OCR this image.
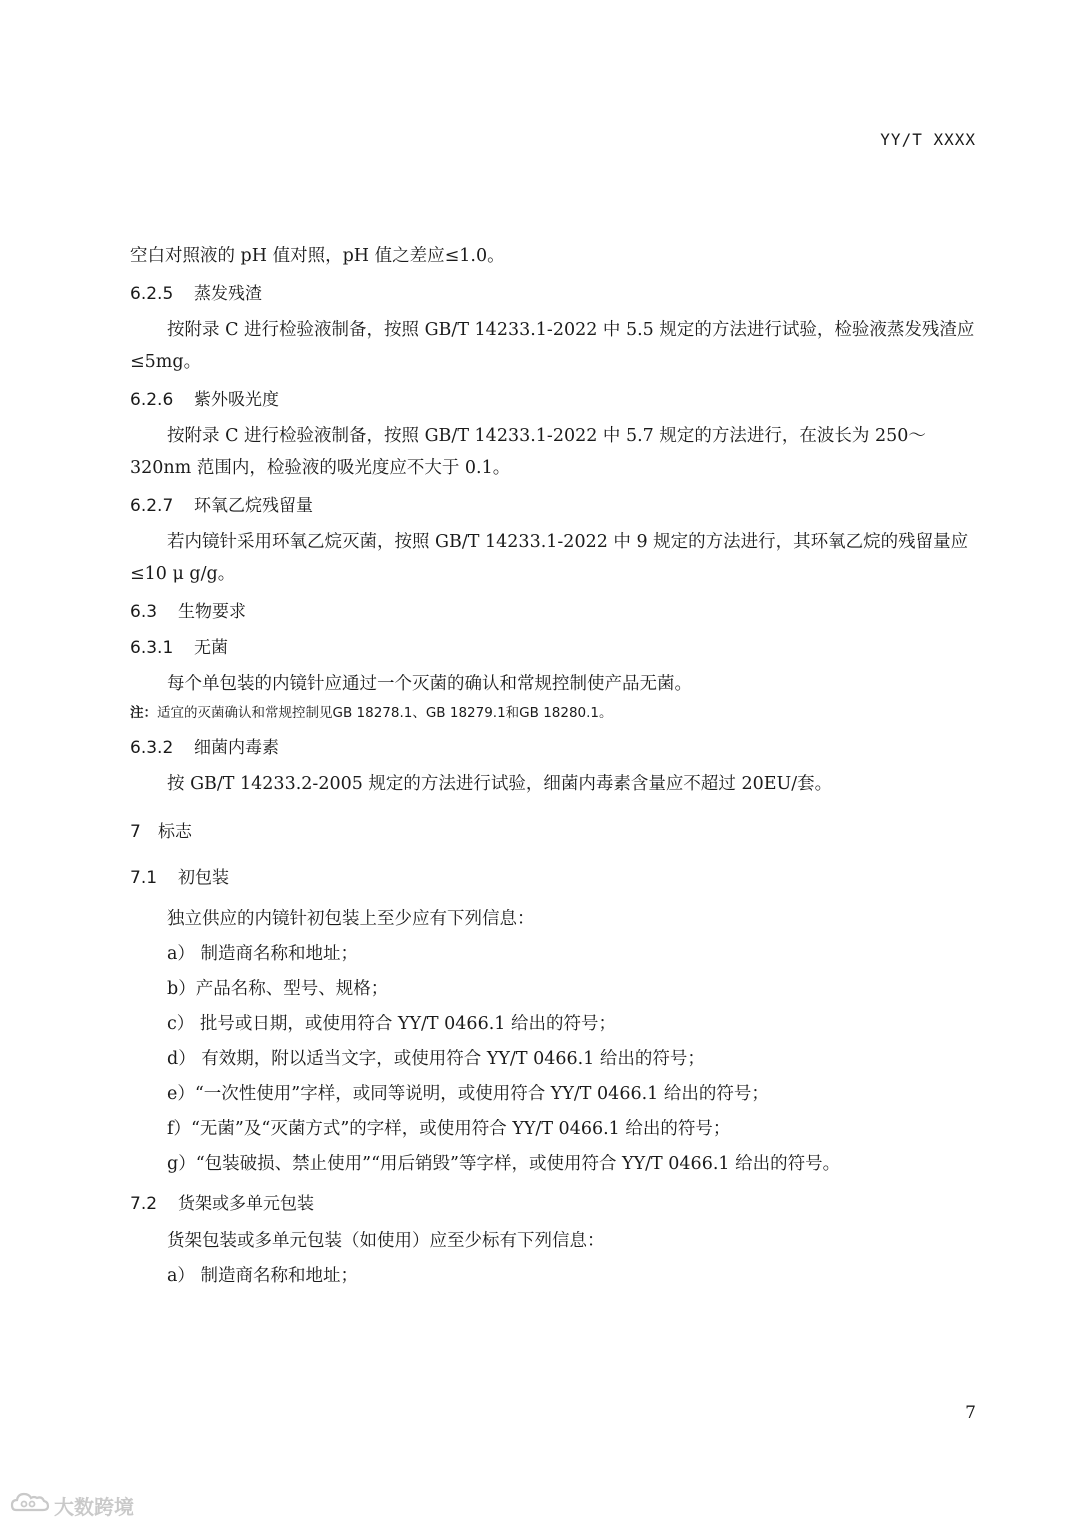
YY/T XXXX

空白对照液的 pH 值对照，pH 值之差应≤1.0。

6.2.5 蒸发残渣

按附录 C 进行检验液制备，按照 GB/T 14233.1-2022 中 5.5 规定的方法进行试验，检验液蒸发残渣应≤5mg。

6.2.6 紫外吸光度

按附录 C 进行检验液制备，按照 GB/T 14233.1-2022 中 5.7 规定的方法进行，在波长为 250～320nm 范围内，检验液的吸光度应不大于 0.1。

6.2.7 环氧乙烷残留量

若内镜针采用环氧乙烷灭菌，按照 GB/T 14233.1-2022 中 9 规定的方法进行，其环氧乙烷的残留量应≤10 μ g/g。

6.3 生物要求
6.3.1 无菌

每个单包装的内镜针应通过一个灭菌的确认和常规控制使产品无菌。

注：适宜的灭菌确认和常规控制见GB 18278.1、GB 18279.1和GB 18280.1。

6.3.2 细菌内毒素

按 GB/T 14233.2-2005 规定的方法进行试验，细菌内毒素含量应不超过 20EU/套。

7 标志
7.1 初包装

独立供应的内镜针初包装上至少应有下列信息：

a） 制造商名称和地址；

b）产品名称、型号、规格；

c） 批号或日期，或使用符合 YY/T 0466.1 给出的符号；

d） 有效期，附以适当文字，或使用符合 YY/T 0466.1 给出的符号；

e）“一次性使用”字样，或同等说明，或使用符合 YY/T 0466.1 给出的符号；

f）“无菌”及“灭菌方式”的字样，或使用符合 YY/T 0466.1 给出的符号；

g）“包装破损、禁止使用”“用后销毁”等字样，或使用符合 YY/T 0466.1 给出的符号。

7.2 货架或多单元包装

货架包装或多单元包装（如使用）应至少标有下列信息：

a） 制造商名称和地址；

7
大数跨境
